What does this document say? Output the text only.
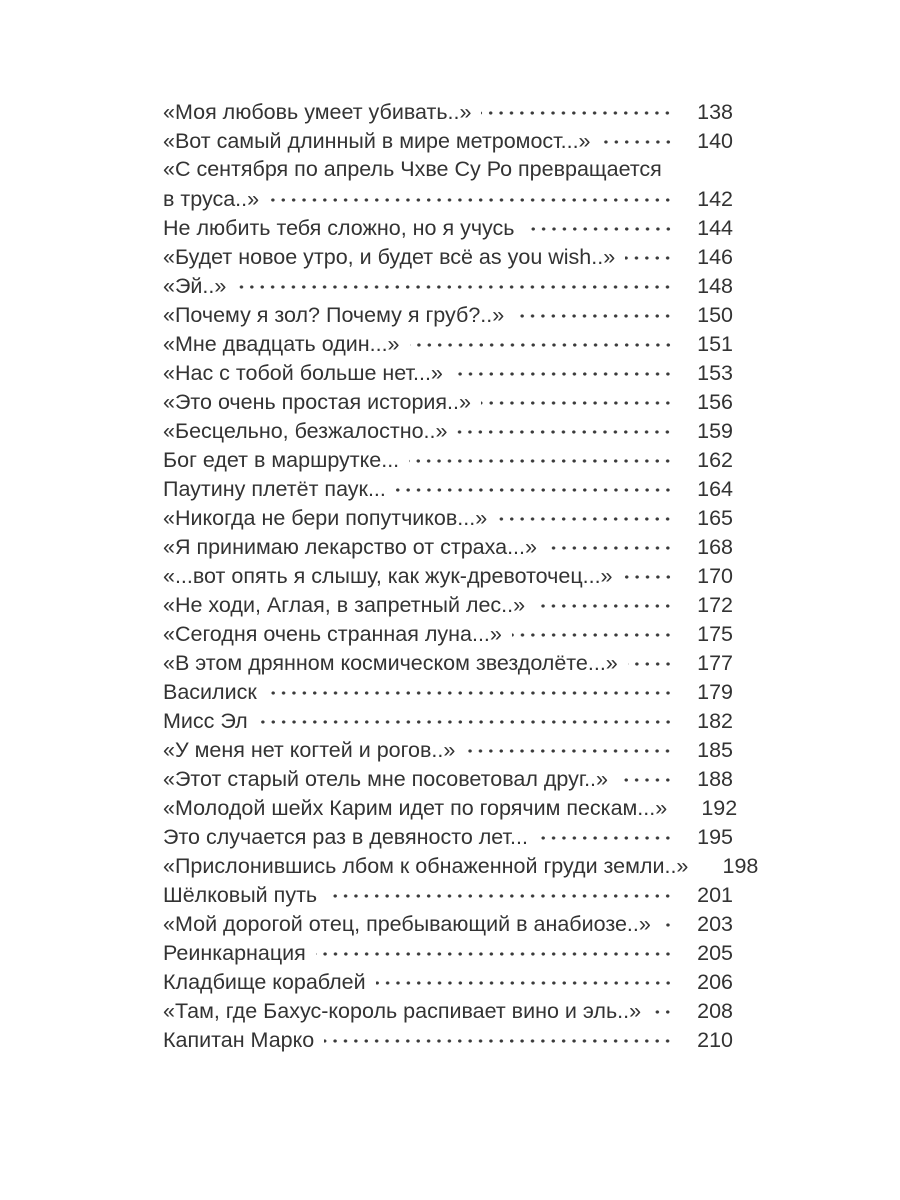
«Моя любовь умеет убивать..»	138
«Вот самый длинный в мире метромост...»	140
«С сентября по апрель Чхве Су Ро превращается
в труса..»	142
Не любить тебя сложно, но я учусь	144
«Будет новое утро, и будет всё as you wish..»	146
«Эй..»	148
«Почему я зол? Почему я груб?..»	150
«Мне двадцать один...»	151
«Нас с тобой больше нет...»	153
«Это очень простая история..»	156
«Бесцельно, безжалостно..»	159
Бог едет в маршрутке...	162
Паутину плетёт паук...	164
«Никогда не бери попутчиков...»	165
«Я принимаю лекарство от страха...»	168
«...вот опять я слышу, как жук-древоточец...»	170
«Не ходи, Аглая, в запретный лес..»	172
«Сегодня очень странная луна...»	175
«В этом дрянном космическом звездолёте...»	177
Василиск	179
Мисс Эл	182
«У меня нет когтей и рогов..»	185
«Этот старый отель мне посоветовал друг..»	188
«Молодой шейх Карим идет по горячим пескам...»	192
Это случается раз в девяносто лет...	195
«Прислонившись лбом к обнаженной груди земли..»	198
Шёлковый путь	201
«Мой дорогой отец, пребывающий в анабиозе..»	203
Реинкарнация	205
Кладбище кораблей	206
«Там, где Бахус-король распивает вино и эль..»	208
Капитан Марко	210
